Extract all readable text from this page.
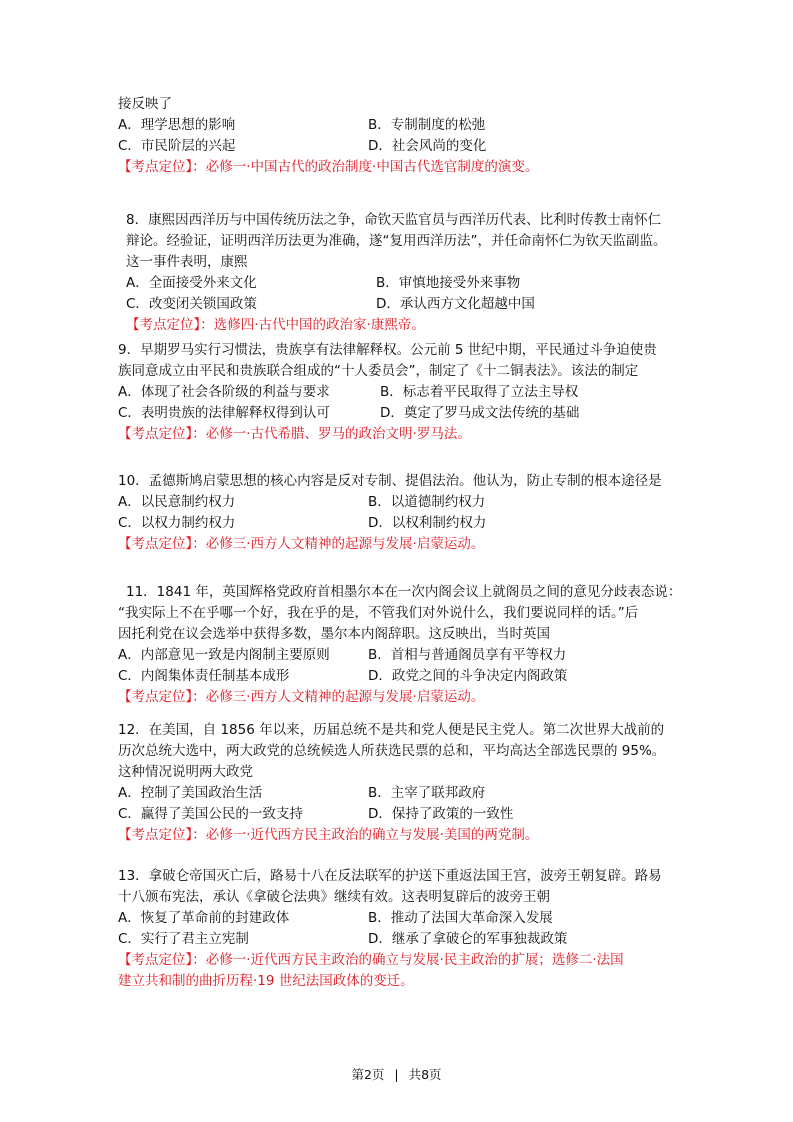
接反映了
A．理学思想的影响	B．专制制度的松弛
C．市民阶层的兴起	D．社会风尚的变化
【考点定位】：必修一·中国古代的政治制度·中国古代选官制度的演变。
8．康熙因西洋历与中国传统历法之争，命钦天监官员与西洋历代表、比利时传教士南怀仁
辩论。经验证，证明西洋历法更为准确，遂“复用西洋历法”，并任命南怀仁为钦天监副监。
这一事件表明，康熙
A．全面接受外来文化	B．审慎地接受外来事物
C．改变闭关锁国政策	D．承认西方文化超越中国
【考点定位】：选修四·古代中国的政治家·康熙帝。
9．早期罗马实行习惯法，贵族享有法律解释权。公元前 5 世纪中期，平民通过斗争迫使贵
族同意成立由平民和贵族联合组成的“十人委员会”，制定了《十二铜表法》。该法的制定
A．体现了社会各阶级的利益与要求	B．标志着平民取得了立法主导权
C．表明贵族的法律解释权得到认可	D．奠定了罗马成文法传统的基础
【考点定位】：必修一·古代希腊、罗马的政治文明·罗马法。
10．孟德斯鸠启蒙思想的核心内容是反对专制、提倡法治。他认为，防止专制的根本途径是
A．以民意制约权力	B．以道德制约权力
C．以权力制约权力	D．以权利制约权力
【考点定位】：必修三·西方人文精神的起源与发展·启蒙运动。
11．1841 年，英国辉格党政府首相墨尔本在一次内阁会议上就阁员之间的意见分歧表态说：
“我实际上不在乎哪一个好，我在乎的是，不管我们对外说什么，我们要说同样的话。”后
因托利党在议会选举中获得多数，墨尔本内阁辞职。这反映出，当时英国
A．内部意见一致是内阁制主要原则	B．首相与普通阁员享有平等权力
C．内阁集体责任制基本成形	D．政党之间的斗争决定内阁政策
【考点定位】：必修三·西方人文精神的起源与发展·启蒙运动。
12．在美国，自 1856 年以来，历届总统不是共和党人便是民主党人。第二次世界大战前的
历次总统大选中，两大政党的总统候选人所获选民票的总和，平均高达全部选民票的 95%。
这种情况说明两大政党
A．控制了美国政治生活	B．主宰了联邦政府
C．赢得了美国公民的一致支持	D．保持了政策的一致性
【考点定位】：必修一·近代西方民主政治的确立与发展·美国的两党制。
13．拿破仑帝国灭亡后，路易十八在反法联军的护送下重返法国王宫，波旁王朝复辟。路易
十八颁布宪法，承认《拿破仑法典》继续有效。这表明复辟后的波旁王朝
A．恢复了革命前的封建政体	B．推动了法国大革命深入发展
C．实行了君主立宪制	D．继承了拿破仑的军事独裁政策
【考点定位】：必修一·近代西方民主政治的确立与发展·民主政治的扩展；选修二·法国
建立共和制的曲折历程·19 世纪法国政体的变迁。
第2页 | 共8页
